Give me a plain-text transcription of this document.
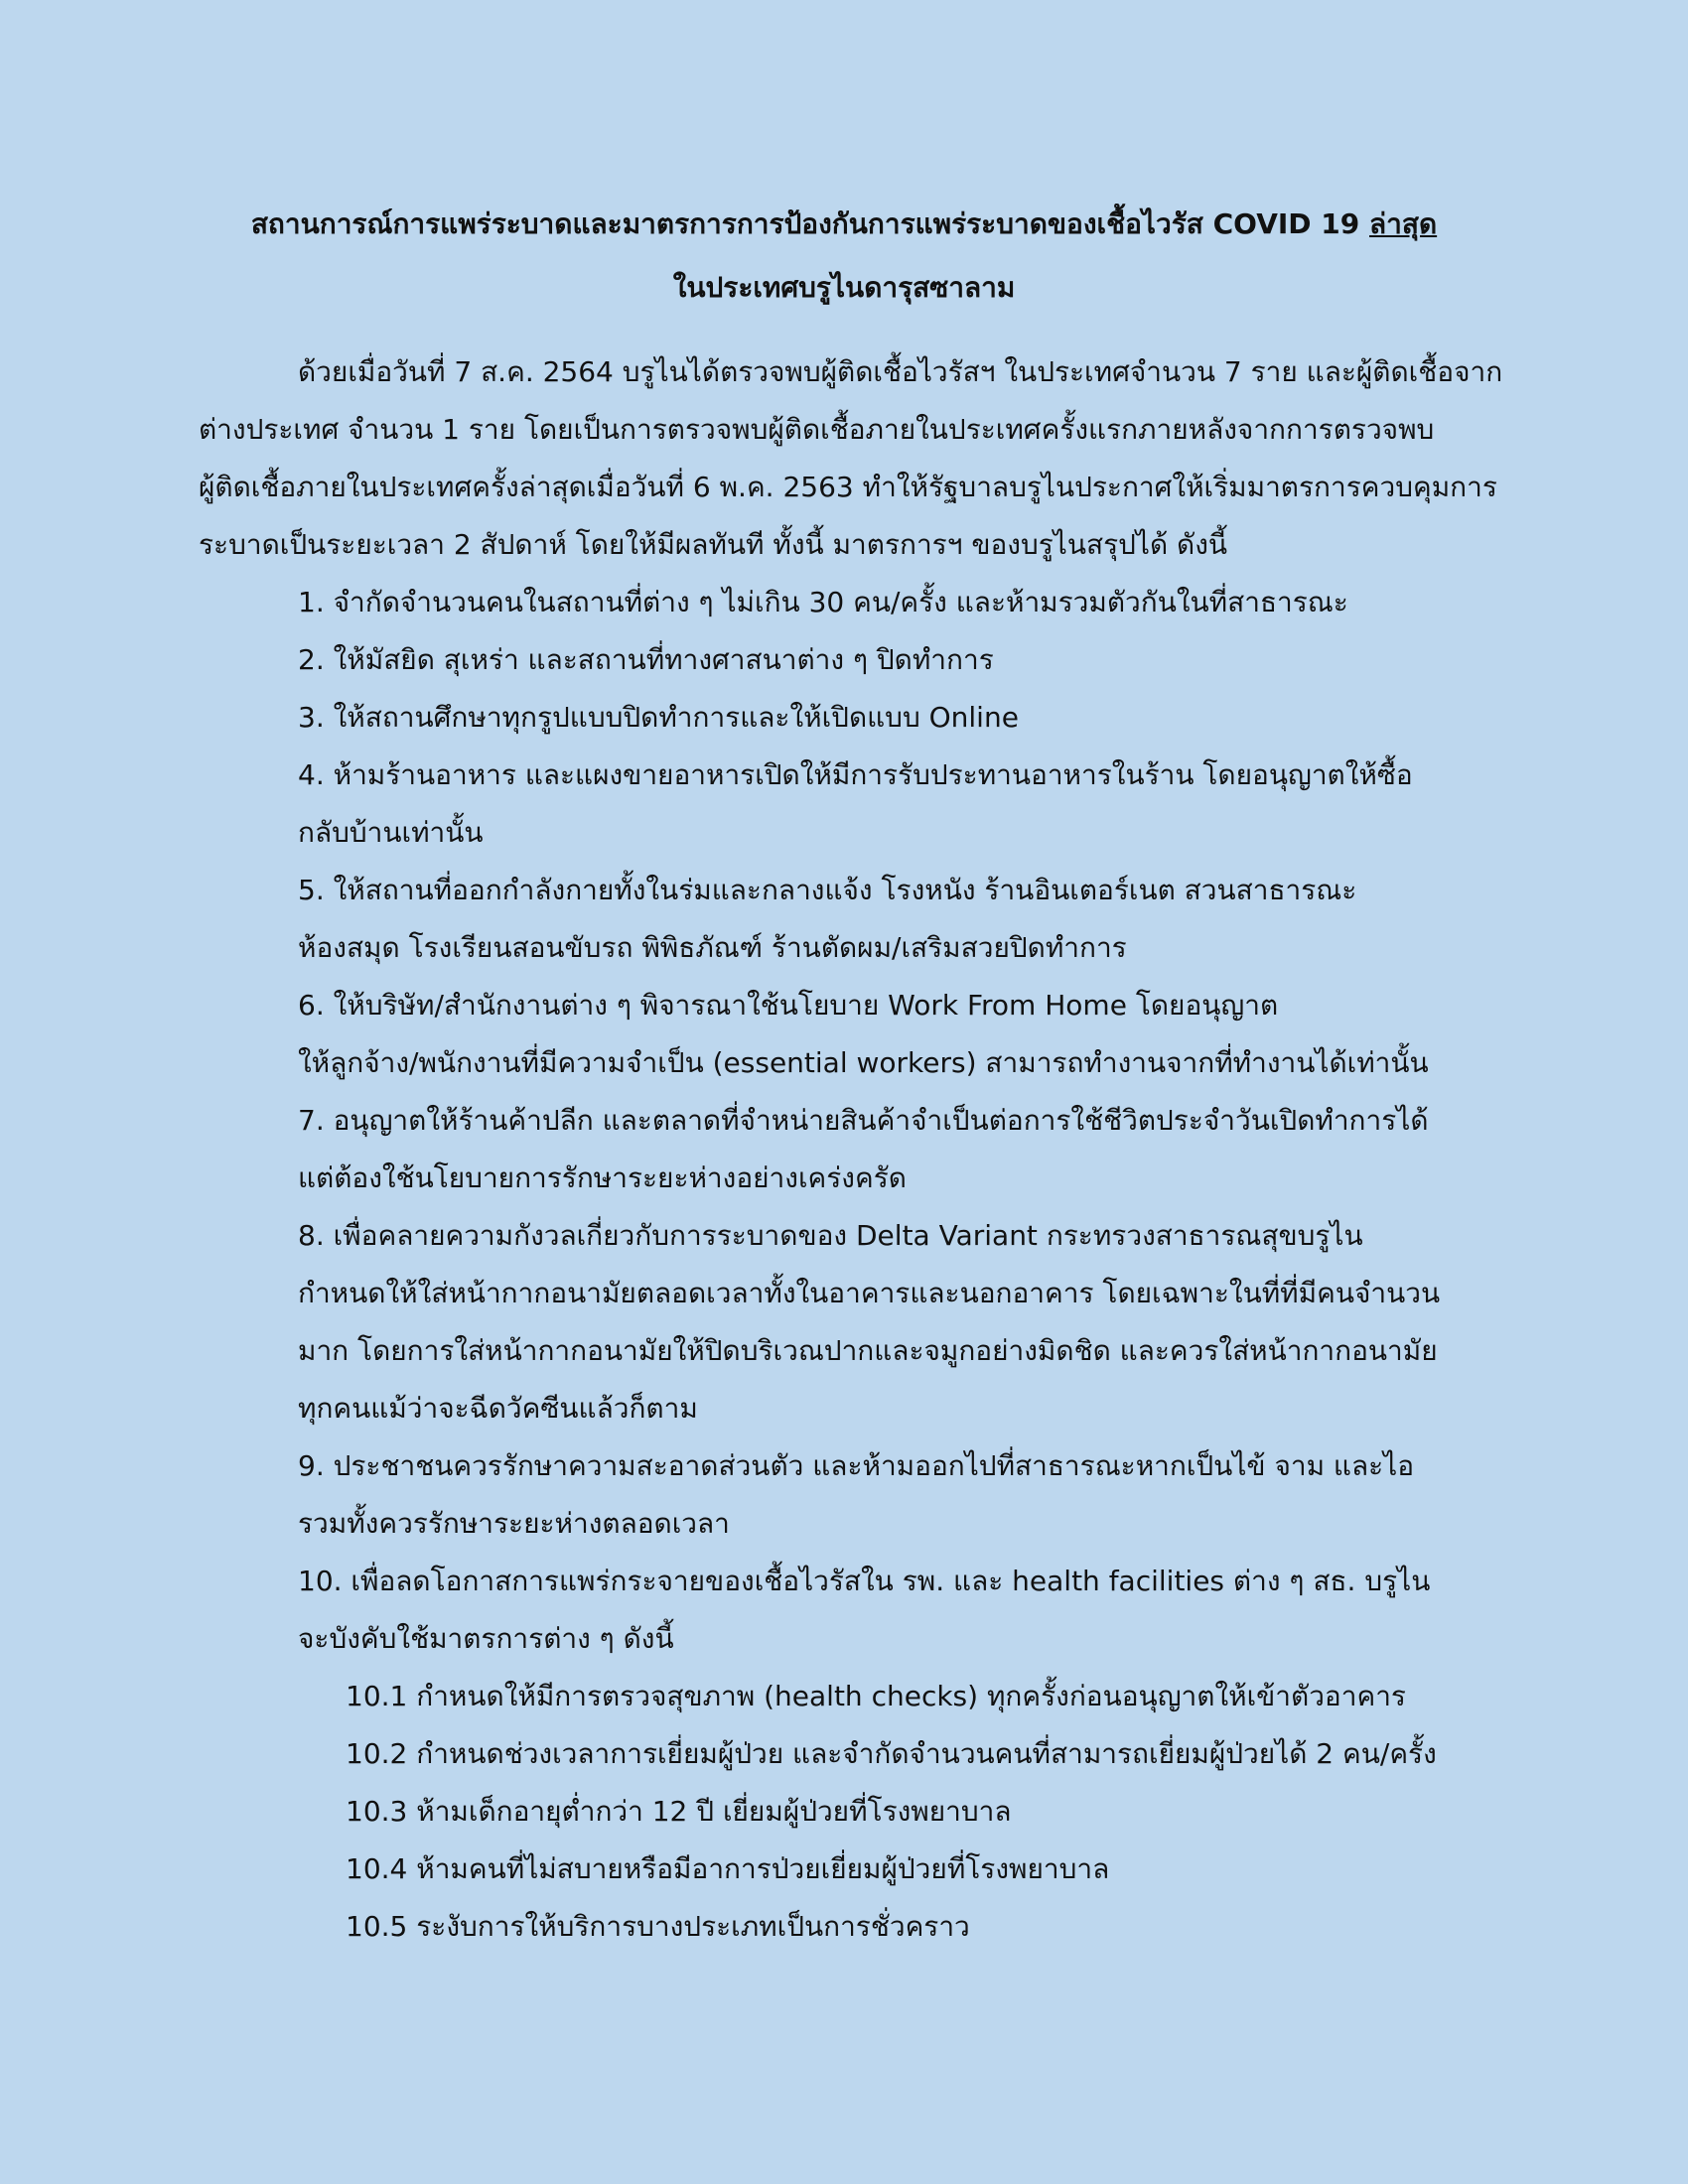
สถานการณ์การแพร่ระบาดและมาตรการการป้องกันการแพร่ระบาดของเชื้อไวรัส COVID 19 ล่าสุด
ในประเทศบรูไนดารุสซาลาม
ด้วยเมื่อวันที่ 7 ส.ค. 2564 บรูไนได้ตรวจพบผู้ติดเชื้อไวรัสฯ ในประเทศจำนวน 7 ราย และผู้ติดเชื้อจาก
ต่างประเทศ จำนวน 1 ราย โดยเป็นการตรวจพบผู้ติดเชื้อภายในประเทศครั้งแรกภายหลังจากการตรวจพบ
ผู้ติดเชื้อภายในประเทศครั้งล่าสุดเมื่อวันที่ 6 พ.ค. 2563 ทำให้รัฐบาลบรูไนประกาศให้เริ่มมาตรการควบคุมการ
ระบาดเป็นระยะเวลา 2 สัปดาห์ โดยให้มีผลทันที ทั้งนี้ มาตรการฯ ของบรูไนสรุปได้ ดังนี้
1. จำกัดจำนวนคนในสถานที่ต่าง ๆ ไม่เกิน 30 คน/ครั้ง และห้ามรวมตัวกันในที่สาธารณะ
2. ให้มัสยิด สุเหร่า และสถานที่ทางศาสนาต่าง ๆ ปิดทำการ
3. ให้สถานศึกษาทุกรูปแบบปิดทำการและให้เปิดแบบ Online
4. ห้ามร้านอาหาร และแผงขายอาหารเปิดให้มีการรับประทานอาหารในร้าน โดยอนุญาตให้ซื้อ
กลับบ้านเท่านั้น
5. ให้สถานที่ออกกำลังกายทั้งในร่มและกลางแจ้ง โรงหนัง ร้านอินเตอร์เนต สวนสาธารณะ
ห้องสมุด โรงเรียนสอนขับรถ พิพิธภัณฑ์ ร้านตัดผม/เสริมสวยปิดทำการ
6. ให้บริษัท/สำนักงานต่าง ๆ พิจารณาใช้นโยบาย Work From Home โดยอนุญาต
ให้ลูกจ้าง/พนักงานที่มีความจำเป็น (essential workers) สามารถทำงานจากที่ทำงานได้เท่านั้น
7. อนุญาตให้ร้านค้าปลีก และตลาดที่จำหน่ายสินค้าจำเป็นต่อการใช้ชีวิตประจำวันเปิดทำการได้
แต่ต้องใช้นโยบายการรักษาระยะห่างอย่างเคร่งครัด
8. เพื่อคลายความกังวลเกี่ยวกับการระบาดของ Delta Variant กระทรวงสาธารณสุขบรูไน
กำหนดให้ใส่หน้ากากอนามัยตลอดเวลาทั้งในอาคารและนอกอาคาร โดยเฉพาะในที่ที่มีคนจำนวน
มาก โดยการใส่หน้ากากอนามัยให้ปิดบริเวณปากและจมูกอย่างมิดชิด และควรใส่หน้ากากอนามัย
ทุกคนแม้ว่าจะฉีดวัคซีนแล้วก็ตาม
9. ประชาชนควรรักษาความสะอาดส่วนตัว และห้ามออกไปที่สาธารณะหากเป็นไข้ จาม และไอ
รวมทั้งควรรักษาระยะห่างตลอดเวลา
10. เพื่อลดโอกาสการแพร่กระจายของเชื้อไวรัสใน รพ. และ health facilities ต่าง ๆ สธ. บรูไน
จะบังคับใช้มาตรการต่าง ๆ ดังนี้
10.1 กำหนดให้มีการตรวจสุขภาพ (health checks) ทุกครั้งก่อนอนุญาตให้เข้าตัวอาคาร
10.2 กำหนดช่วงเวลาการเยี่ยมผู้ป่วย และจำกัดจำนวนคนที่สามารถเยี่ยมผู้ป่วยได้ 2 คน/ครั้ง
10.3 ห้ามเด็กอายุต่ำกว่า 12 ปี เยี่ยมผู้ป่วยที่โรงพยาบาล
10.4 ห้ามคนที่ไม่สบายหรือมีอาการป่วยเยี่ยมผู้ป่วยที่โรงพยาบาล
10.5 ระงับการให้บริการบางประเภทเป็นการชั่วคราว
